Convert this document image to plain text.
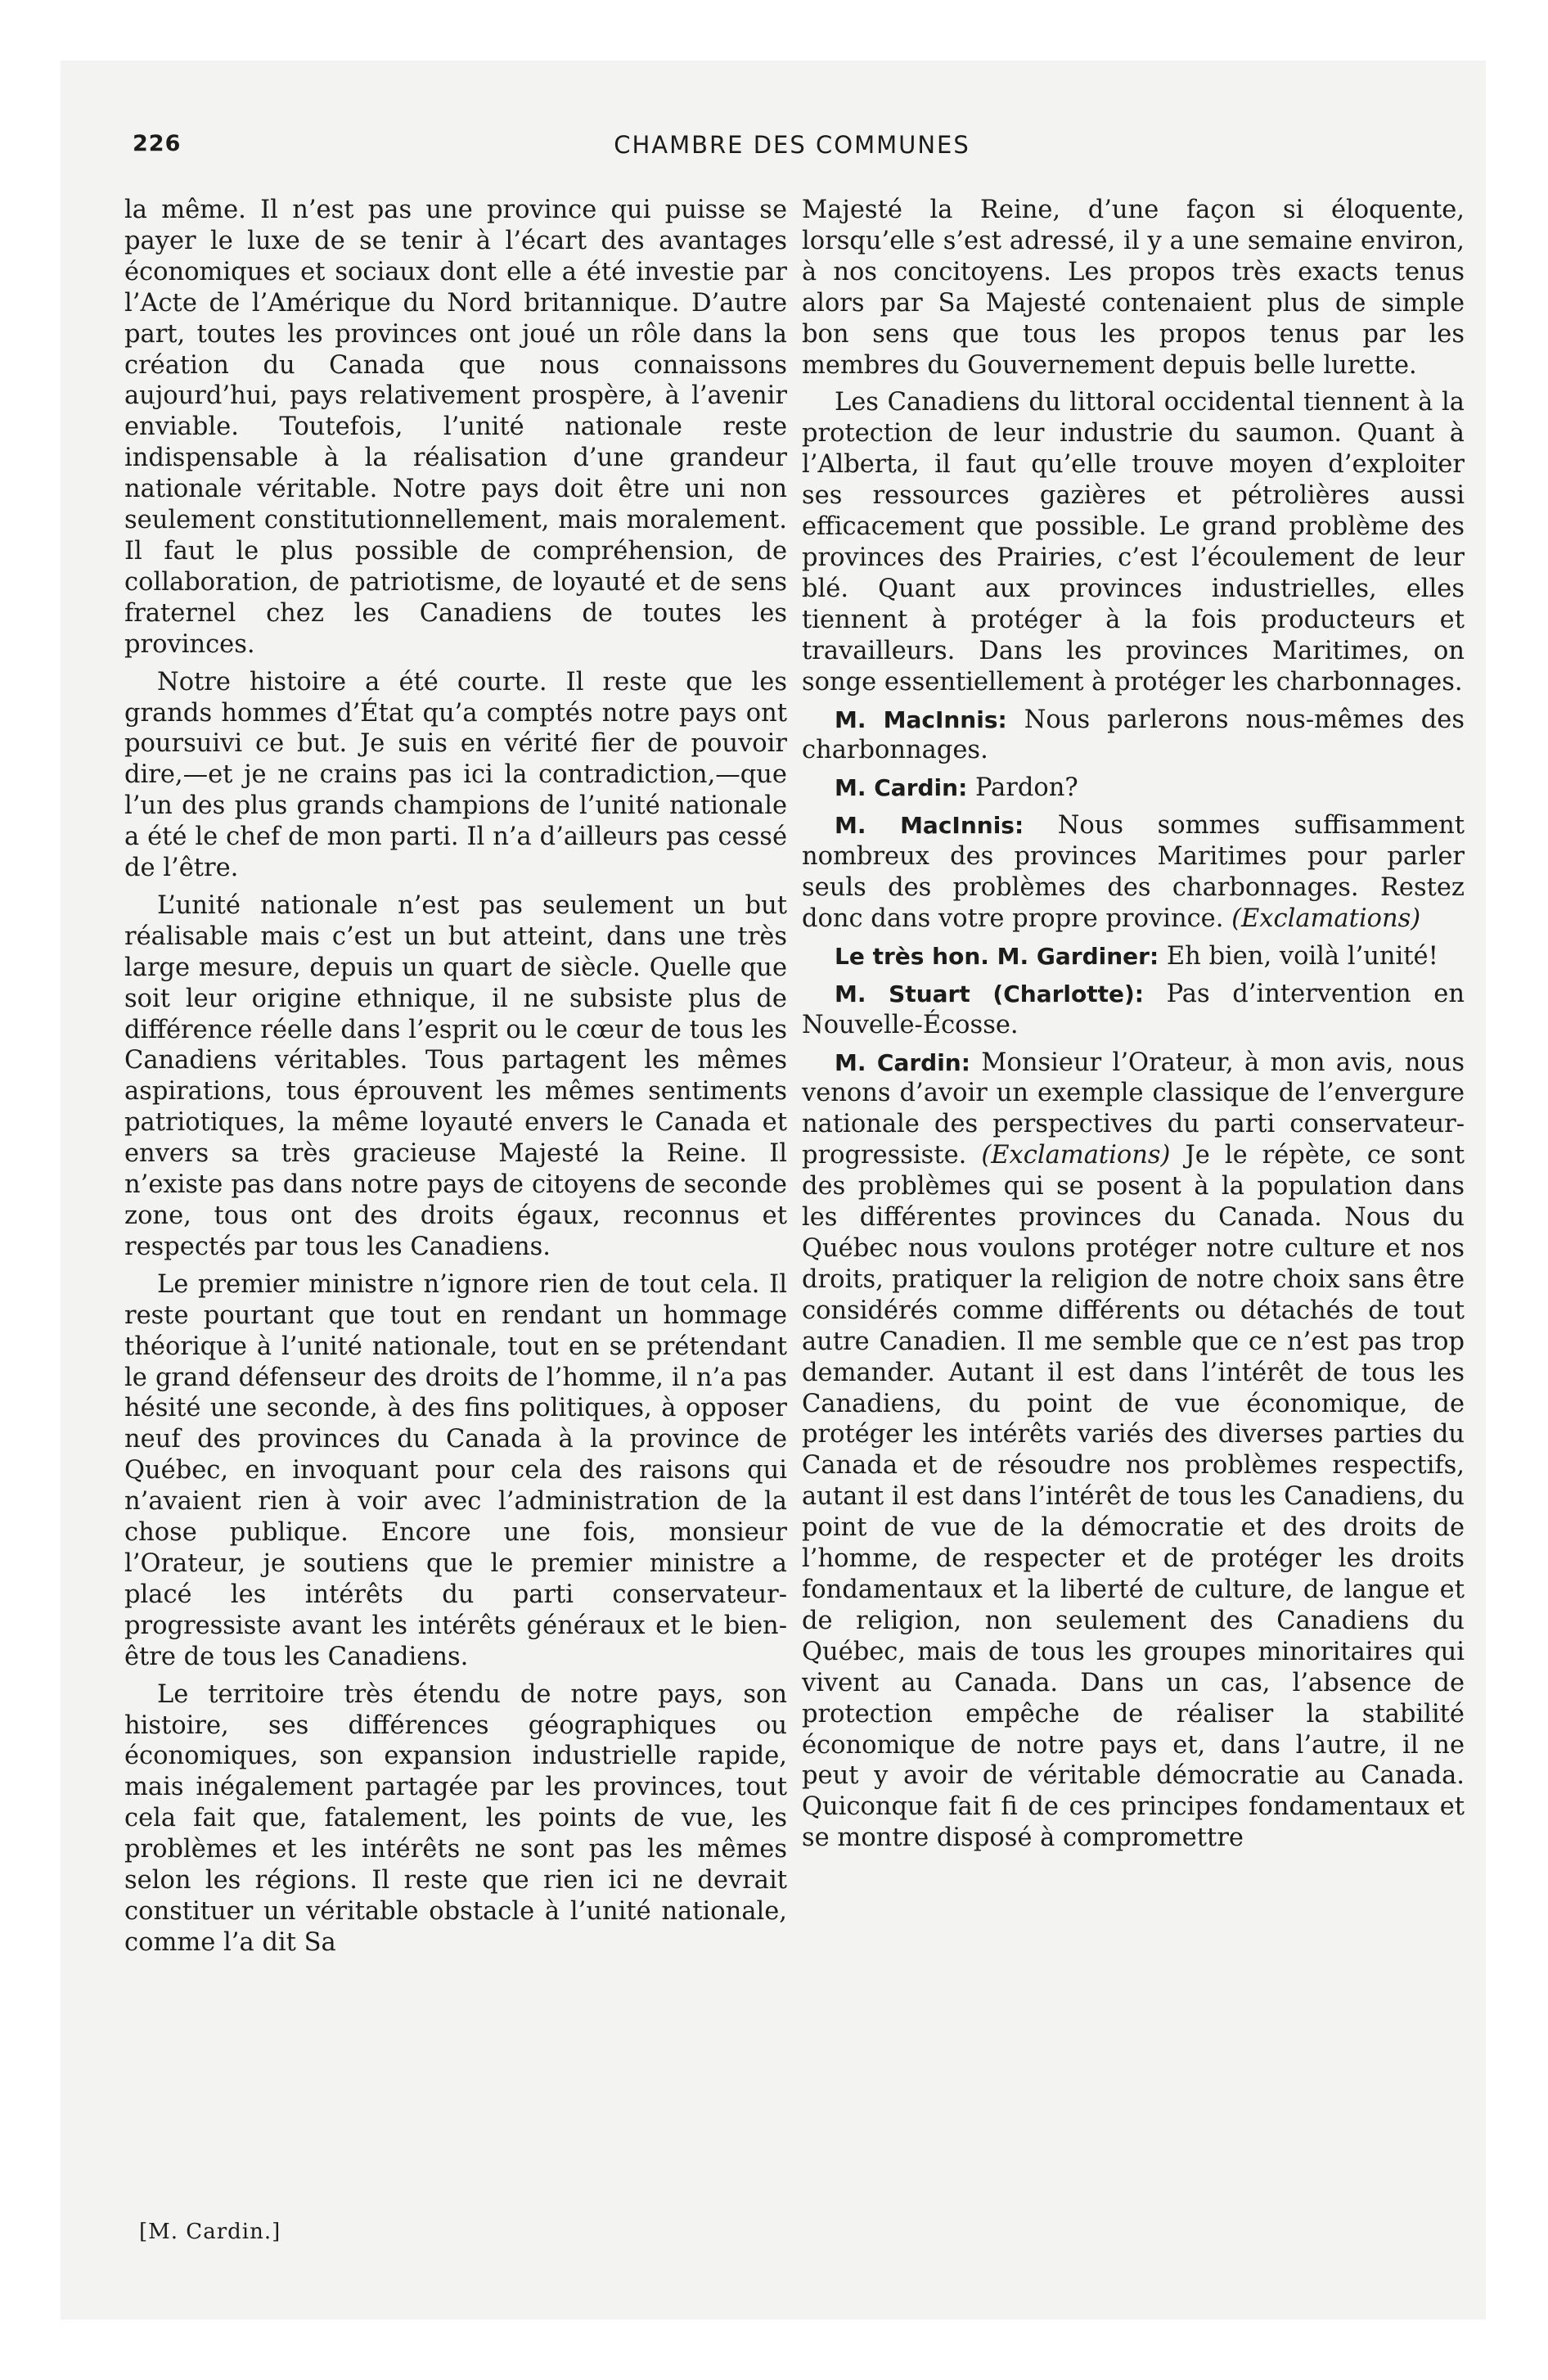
226	CHAMBRE DES COMMUNES

la même. Il n’est pas une province qui puisse se payer le luxe de se tenir à l’écart des avantages économiques et sociaux dont elle a été investie par l’Acte de l’Amérique du Nord britannique. D’autre part, toutes les provinces ont joué un rôle dans la création du Canada que nous connaissons aujourd’hui, pays relativement prospère, à l’avenir enviable. Toutefois, l’unité nationale reste indispensable à la réalisation d’une grandeur nationale véritable. Notre pays doit être uni non seulement constitutionnellement, mais moralement. Il faut le plus possible de compréhension, de collaboration, de patriotisme, de loyauté et de sens fraternel chez les Canadiens de toutes les provinces.

Notre histoire a été courte. Il reste que les grands hommes d’État qu’a comptés notre pays ont poursuivi ce but. Je suis en vérité fier de pouvoir dire,—et je ne crains pas ici la contradiction,—que l’un des plus grands champions de l’unité nationale a été le chef de mon parti. Il n’a d’ailleurs pas cessé de l’être.

L’unité nationale n’est pas seulement un but réalisable mais c’est un but atteint, dans une très large mesure, depuis un quart de siècle. Quelle que soit leur origine ethnique, il ne subsiste plus de différence réelle dans l’esprit ou le cœur de tous les Canadiens véritables. Tous partagent les mêmes aspirations, tous éprouvent les mêmes sentiments patriotiques, la même loyauté envers le Canada et envers sa très gracieuse Majesté la Reine. Il n’existe pas dans notre pays de citoyens de seconde zone, tous ont des droits égaux, reconnus et respectés par tous les Canadiens.

Le premier ministre n’ignore rien de tout cela. Il reste pourtant que tout en rendant un hommage théorique à l’unité nationale, tout en se prétendant le grand défenseur des droits de l’homme, il n’a pas hésité une seconde, à des fins politiques, à opposer neuf des provinces du Canada à la province de Québec, en invoquant pour cela des raisons qui n’avaient rien à voir avec l’administration de la chose publique. Encore une fois, monsieur l’Orateur, je soutiens que le premier ministre a placé les intérêts du parti conservateur-progressiste avant les intérêts généraux et le bien-être de tous les Canadiens.

Le territoire très étendu de notre pays, son histoire, ses différences géographiques ou économiques, son expansion industrielle rapide, mais inégalement partagée par les provinces, tout cela fait que, fatalement, les points de vue, les problèmes et les intérêts ne sont pas les mêmes selon les régions. Il reste que rien ici ne devrait constituer un véritable obstacle à l’unité nationale, comme l’a dit Sa

Majesté la Reine, d’une façon si éloquente, lorsqu’elle s’est adressé, il y a une semaine environ, à nos concitoyens. Les propos très exacts tenus alors par Sa Majesté contenaient plus de simple bon sens que tous les propos tenus par les membres du Gouvernement depuis belle lurette.

Les Canadiens du littoral occidental tiennent à la protection de leur industrie du saumon. Quant à l’Alberta, il faut qu’elle trouve moyen d’exploiter ses ressources gazières et pétrolières aussi efficacement que possible. Le grand problème des provinces des Prairies, c’est l’écoulement de leur blé. Quant aux provinces industrielles, elles tiennent à protéger à la fois producteurs et travailleurs. Dans les provinces Maritimes, on songe essentiellement à protéger les charbonnages.

M. MacInnis: Nous parlerons nous-mêmes des charbonnages.

M. Cardin: Pardon?

M. MacInnis: Nous sommes suffisamment nombreux des provinces Maritimes pour parler seuls des problèmes des charbonnages. Restez donc dans votre propre province. (Exclamations)

Le très hon. M. Gardiner: Eh bien, voilà l’unité!

M. Stuart (Charlotte): Pas d’intervention en Nouvelle-Écosse.

M. Cardin: Monsieur l’Orateur, à mon avis, nous venons d’avoir un exemple classique de l’envergure nationale des perspectives du parti conservateur-progressiste. (Exclamations) Je le répète, ce sont des problèmes qui se posent à la population dans les différentes provinces du Canada. Nous du Québec nous voulons protéger notre culture et nos droits, pratiquer la religion de notre choix sans être considérés comme différents ou détachés de tout autre Canadien. Il me semble que ce n’est pas trop demander. Autant il est dans l’intérêt de tous les Canadiens, du point de vue économique, de protéger les intérêts variés des diverses parties du Canada et de résoudre nos problèmes respectifs, autant il est dans l’intérêt de tous les Canadiens, du point de vue de la démocratie et des droits de l’homme, de respecter et de protéger les droits fondamentaux et la liberté de culture, de langue et de religion, non seulement des Canadiens du Québec, mais de tous les groupes minoritaires qui vivent au Canada. Dans un cas, l’absence de protection empêche de réaliser la stabilité économique de notre pays et, dans l’autre, il ne peut y avoir de véritable démocratie au Canada. Quiconque fait fi de ces principes fondamentaux et se montre disposé à compromettre

[M. Cardin.]
